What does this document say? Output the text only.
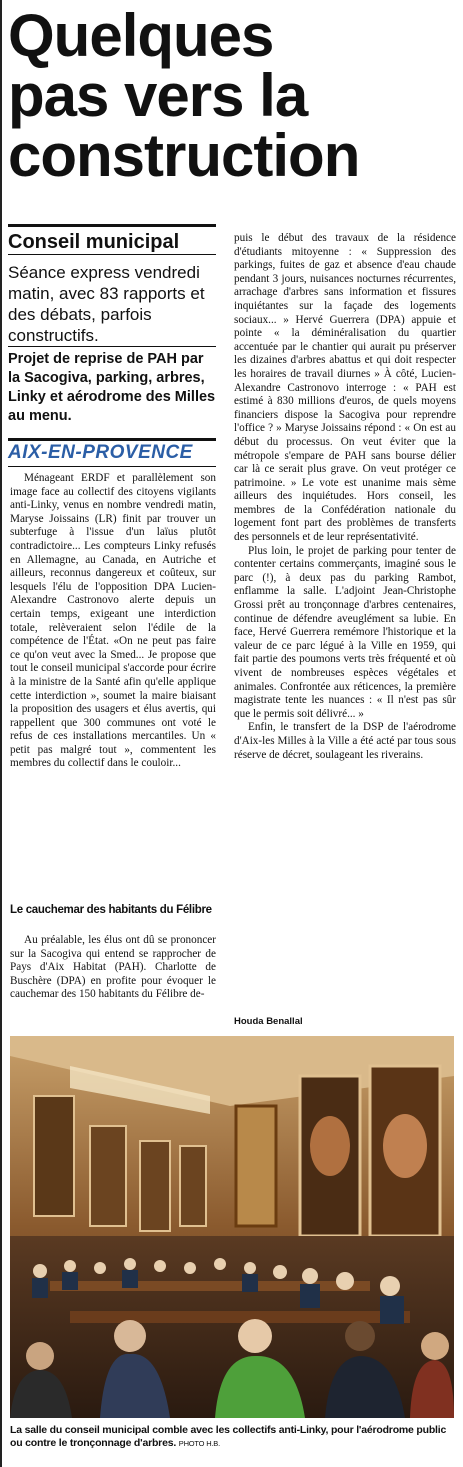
Quelques
pas vers la
construction
Conseil municipal
Séance express vendredi matin, avec 83 rapports et des débats, parfois constructifs.
Projet de reprise de PAH par la Sacogiva, parking, arbres, Linky et aérodrome des Milles au menu.
AIX-EN-PROVENCE

Ménageant ERDF et parallèlement son image face au collectif des citoyens vigilants anti-Linky, venus en nombre vendredi matin, Maryse Joissains (LR) finit par trouver un subterfuge à l'issue d'un laïus plutôt contradictoire... Les compteurs Linky refusés en Allemagne, au Canada, en Autriche et ailleurs, reconnus dangereux et coûteux, sur lesquels l'élu de l'opposition DPA Lucien-Alexandre Castronovo alerte depuis un certain temps, exigeant une interdiction totale, relèveraient selon l'édile de la compétence de l'État. «On ne peut pas faire ce qu'on veut avec la Smed... Je propose que tout le conseil municipal s'accorde pour écrire à la ministre de la Santé afin qu'elle applique cette interdiction », soumet la maire biaisant la proposition des usagers et élus avertis, qui rappellent que 300 communes ont voté le refus de ces installations mercantiles. Un « petit pas malgré tout », commentent les membres du collectif dans le couloir...

Le cauchemar des habitants du Félibre

Au préalable, les élus ont dû se prononcer sur la Sacogiva qui entend se rapprocher de Pays d'Aix Habitat (PAH). Charlotte de Buschère (DPA) en profite pour évoquer le cauchemar des 150 habitants du Félibre de-

puis le début des travaux de la résidence d'étudiants mitoyenne : « Suppression des parkings, fuites de gaz et absence d'eau chaude pendant 3 jours, nuisances nocturnes récurrentes, arrachage d'arbres sans information et fissures inquiétantes sur la façade des logements sociaux... » Hervé Guerrera (DPA) appuie et pointe « la déminéralisation du quartier accentuée par le chantier qui aurait pu préserver les dizaines d'arbres abattus et qui doit respecter les horaires de travail diurnes » À côté, Lucien-Alexandre Castronovo interroge : « PAH est estimé à 830 millions d'euros, de quels moyens financiers dispose la Sacogiva pour reprendre l'office ? » Maryse Joissains répond : « On est au début du processus. On veut éviter que la métropole s'empare de PAH sans bourse délier car là ce serait plus grave. On veut protéger ce patrimoine. » Le vote est unanime mais sème ailleurs des inquiétudes. Hors conseil, les membres de la Confédération nationale du logement font part des problèmes de transferts des personnels et de leur représentativité.

Plus loin, le projet de parking pour tenter de contenter certains commerçants, imaginé sous le parc (!), à deux pas du parking Rambot, enflamme la salle. L'adjoint Jean-Christophe Grossi prêt au tronçonnage d'arbres centenaires, continue de défendre aveuglément sa lubie. En face, Hervé Guerrera remémore l'historique et la valeur de ce parc légué à la Ville en 1959, qui fait partie des poumons verts très fréquenté et où vivent de nombreuses espèces végétales et animales. Confrontée aux réticences, la première magistrate tente les nuances : « Il n'est pas sûr que le permis soit délivré... »

Enfin, le transfert de la DSP de l'aérodrome d'Aix-les Milles à la Ville a été acté par tous sous réserve de décret, soulageant les riverains.

Houda Benallal
La salle du conseil municipal comble avec les collectifs anti-Linky, pour l'aérodrome public ou contre le tronçonnage d'arbres. PHOTO H.B.
